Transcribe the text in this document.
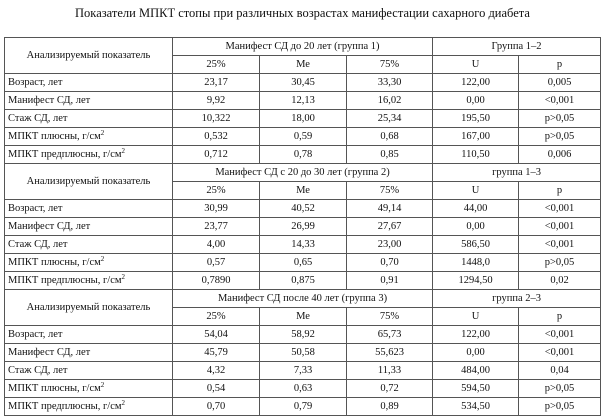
Показатели МПКТ стопы при различных возрастах манифестации сахарного диабета
Анализируемый показатель	Манифест СД до 20 лет (группа 1)			Группа 1–2	
	25%	Ме	75%	U	p
Возраст, лет	23,17	30,45	33,30	122,00	0,005
Манифест СД, лет	9,92	12,13	16,02	0,00	<0,001
Стаж СД, лет	10,322	18,00	25,34	195,50	p>0,05
МПКТ плюсны, $г/см^2$	0,532	0,59	0,68	167,00	p>0,05
МПКТ предплюсны, $г/см^2$	0,712	0,78	0,85	110,50	0,006
Анализируемый показатель	Манифест СД с 20 до 30 лет (группа 2)			группа 1–3	
	25%	Ме	75%	U	p
Возраст, лет	30,99	40,52	49,14	44,00	<0,001
Манифест СД, лет	23,77	26,99	27,67	0,00	<0,001
Стаж СД, лет	4,00	14,33	23,00	586,50	<0,001
МПКТ плюсны, $г/см^2$	0,57	0,65	0,70	1448,0	p>0,05
МПКТ предплюсны, $г/см^2$	0,7890	0,875	0,91	1294,50	0,02
Анализируемый показатель	Манифест СД после 40 лет (группа 3)			группа 2–3	
	25%	Ме	75%	U	p
Возраст, лет	54,04	58,92	65,73	122,00	<0,001
Манифест СД, лет	45,79	50,58	55,623	0,00	<0,001
Стаж СД, лет	4,32	7,33	11,33	484,00	0,04
МПКТ плюсны, $г/см^2$	0,54	0,63	0,72	594,50	p>0,05
МПКТ предплюсны, $г/см^2$	0,70	0,79	0,89	534,50	p>0,05
